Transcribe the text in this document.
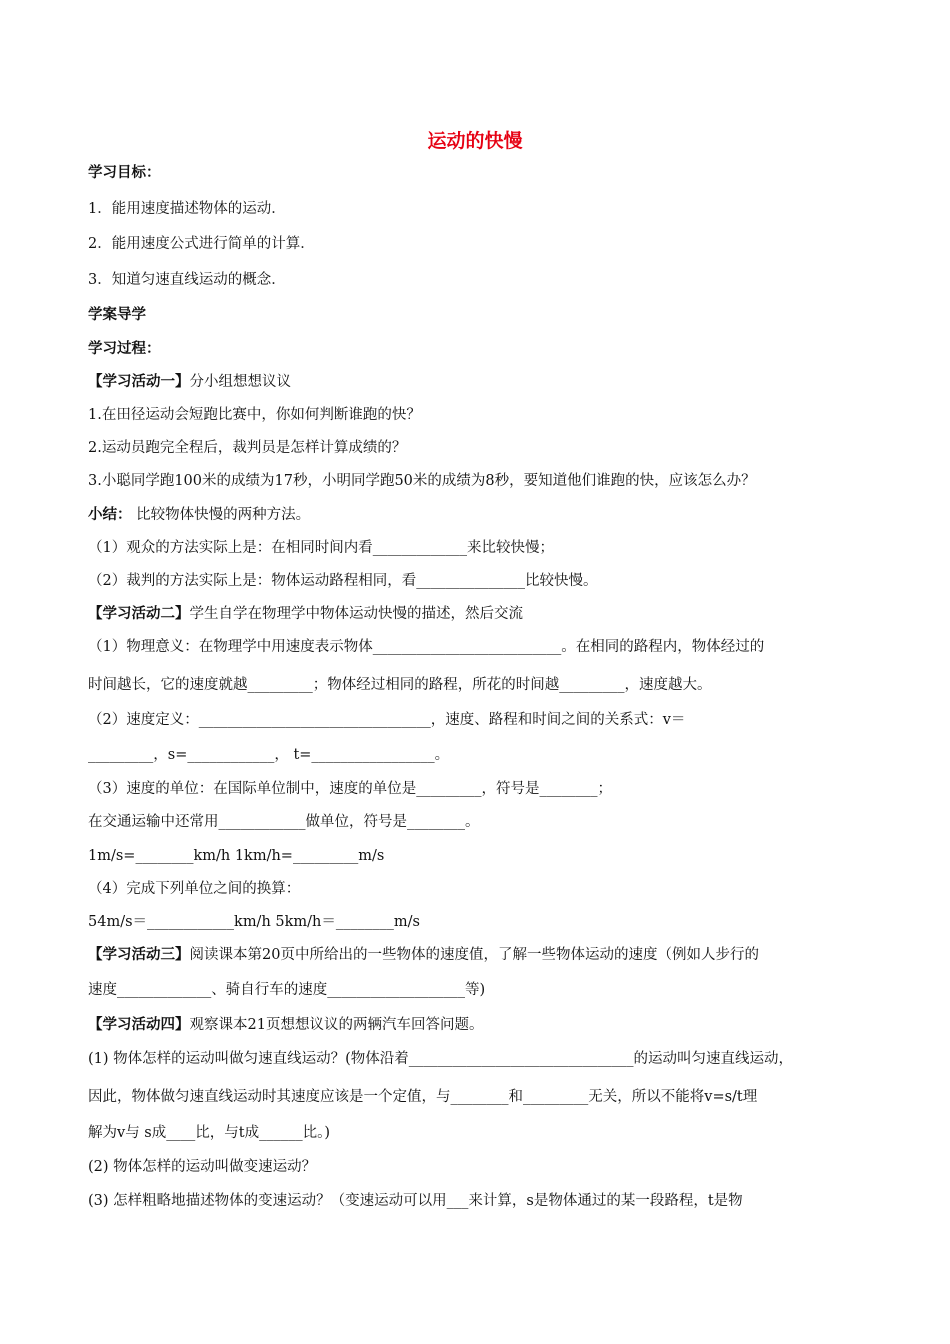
运动的快慢
学习目标：
1．能用速度描述物体的运动．
2．能用速度公式进行简单的计算．
3．知道匀速直线运动的概念．
学案导学
学习过程：
【学习活动一】分小组想想议议
1.在田径运动会短跑比赛中，你如何判断谁跑的快？
2.运动员跑完全程后，裁判员是怎样计算成绩的？
3.小聪同学跑100米的成绩为17秒，小明同学跑50米的成绩为8秒，要知道他们谁跑的快，应该怎么办？
小结： 比较物体快慢的两种方法。
（1）观众的方法实际上是：在相同时间内看_____________来比较快慢；
（2）裁判的方法实际上是：物体运动路程相同，看_______________比较快慢。
【学习活动二】学生自学在物理学中物体运动快慢的描述，然后交流
（1）物理意义：在物理学中用速度表示物体__________________________。在相同的路程内，物体经过的
时间越长，它的速度就越_________；物体经过相同的路程，所花的时间越_________，速度越大。
（2）速度定义：________________________________，速度、路程和时间之间的关系式：v＝
_________，s=____________， t=_________________。
（3）速度的单位：在国际单位制中，速度的单位是_________，符号是________；
在交通运输中还常用____________做单位，符号是________。
1m/s=________km/h 1km/h=_________m/s
（4）完成下列单位之间的换算：
54m/s＝____________km/h 5km/h＝________m/s
【学习活动三】阅读课本第20页中所给出的一些物体的速度值，了解一些物体运动的速度（例如人步行的
速度_____________、骑自行车的速度___________________等)
【学习活动四】观察课本21页想想议议的两辆汽车回答问题。
(1) 物体怎样的运动叫做匀速直线运动？(物体沿着_______________________________的运动叫匀速直线运动，
因此，物体做匀速直线运动时其速度应该是一个定值，与________和_________无关，所以不能将v=s/t理
解为v与 s成____比，与t成______比。)
(2) 物体怎样的运动叫做变速运动？
(3) 怎样粗略地描述物体的变速运动？（变速运动可以用___来计算，s是物体通过的某一段路程，t是物
